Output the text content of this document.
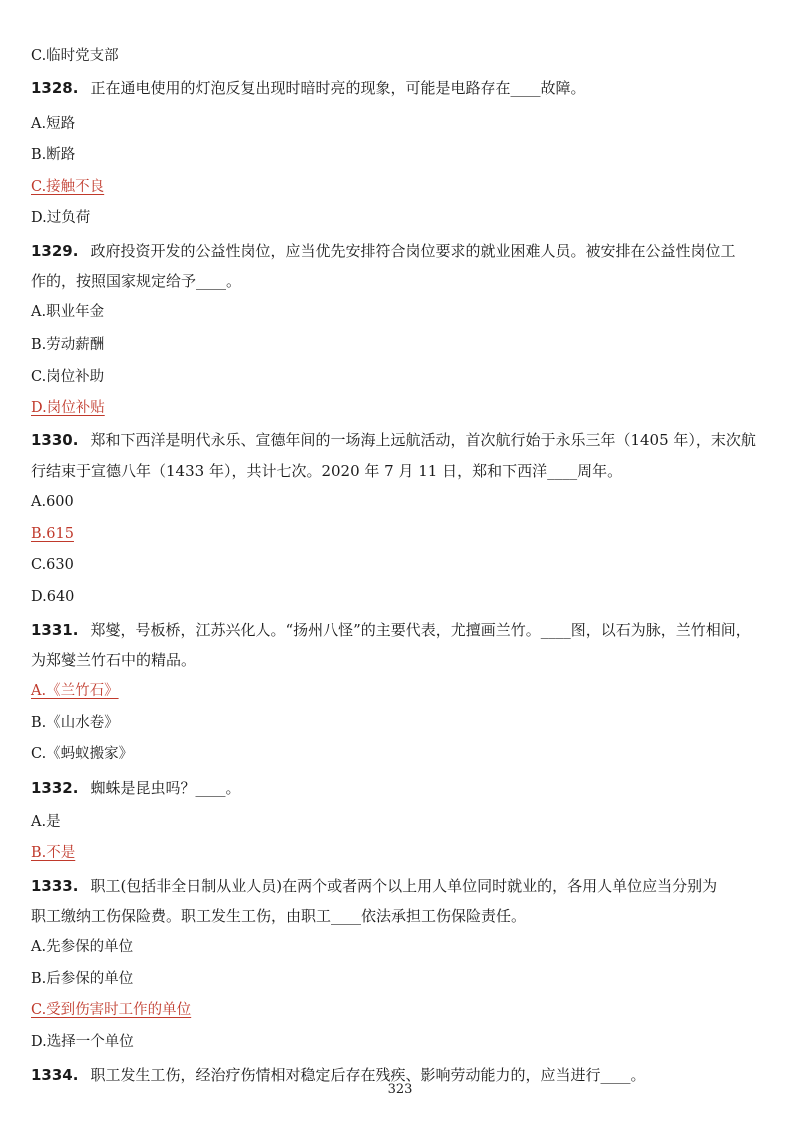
C.临时党支部
1328. 正在通电使用的灯泡反复出现时暗时亮的现象，可能是电路存在____故障。
A.短路
B.断路
C.接触不良
D.过负荷
1329. 政府投资开发的公益性岗位，应当优先安排符合岗位要求的就业困难人员。被安排在公益性岗位工
作的，按照国家规定给予____。
A.职业年金
B.劳动薪酬
C.岗位补助
D.岗位补贴
1330. 郑和下西洋是明代永乐、宣德年间的一场海上远航活动，首次航行始于永乐三年（1405 年），末次航
行结束于宣德八年（1433 年），共计七次。2020 年 7 月 11 日，郑和下西洋____周年。
A.600
B.615
C.630
D.640
1331. 郑燮，号板桥，江苏兴化人。“扬州八怪”的主要代表，尤擅画兰竹。____图，以石为脉，兰竹相间，
为郑燮兰竹石中的精品。
A.《兰竹石》
B.《山水卷》
C.《蚂蚁搬家》
1332. 蜘蛛是昆虫吗？____。
A.是
B.不是
1333. 职工(包括非全日制从业人员)在两个或者两个以上用人单位同时就业的，各用人单位应当分别为
职工缴纳工伤保险费。职工发生工伤，由职工____依法承担工伤保险责任。
A.先参保的单位
B.后参保的单位
C.受到伤害时工作的单位
D.选择一个单位
1334. 职工发生工伤，经治疗伤情相对稳定后存在残疾、影响劳动能力的，应当进行____。
323
